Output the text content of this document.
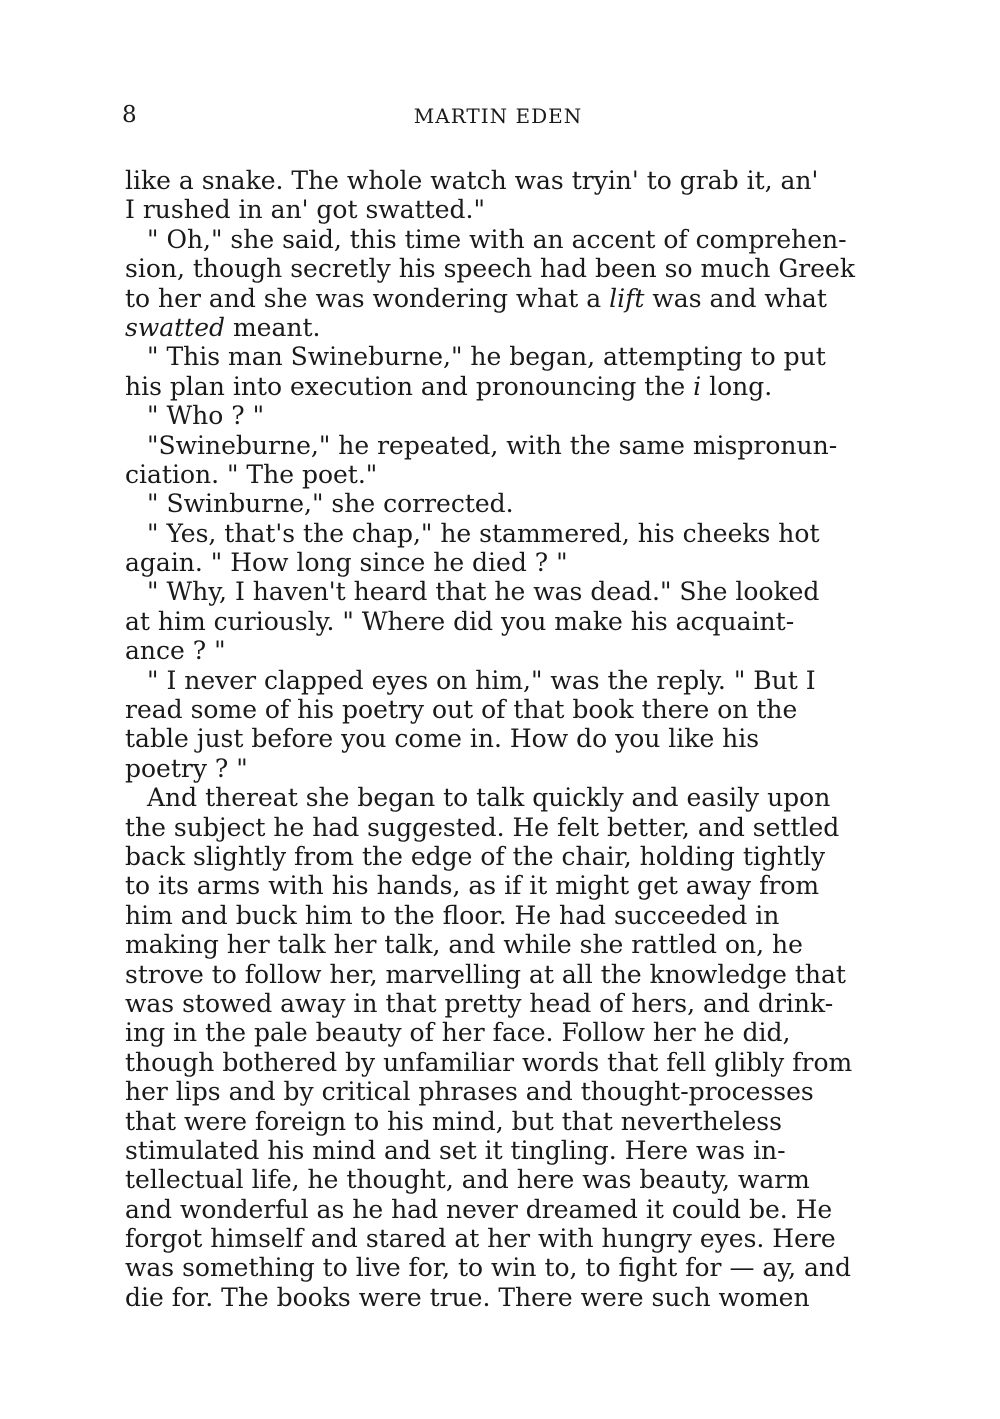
8	MARTIN EDEN
like a snake. The whole watch was tryin' to grab it, an'
I rushed in an' got swatted."
" Oh," she said, this time with an accent of comprehen-
sion, though secretly his speech had been so much Greek
to her and she was wondering what a lift was and what
swatted meant.
" This man Swineburne," he began, attempting to put
his plan into execution and pronouncing the i long.
" Who ? "
"Swineburne," he repeated, with the same mispronun-
ciation. " The poet."
" Swinburne," she corrected.
" Yes, that's the chap," he stammered, his cheeks hot
again. " How long since he died ? "
" Why, I haven't heard that he was dead." She looked
at him curiously. " Where did you make his acquaint-
ance ? "
" I never clapped eyes on him," was the reply. " But I
read some of his poetry out of that book there on the
table just before you come in. How do you like his
poetry ? "
And thereat she began to talk quickly and easily upon
the subject he had suggested. He felt better, and settled
back slightly from the edge of the chair, holding tightly
to its arms with his hands, as if it might get away from
him and buck him to the floor. He had succeeded in
making her talk her talk, and while she rattled on, he
strove to follow her, marvelling at all the knowledge that
was stowed away in that pretty head of hers, and drink-
ing in the pale beauty of her face. Follow her he did,
though bothered by unfamiliar words that fell glibly from
her lips and by critical phrases and thought-processes
that were foreign to his mind, but that nevertheless
stimulated his mind and set it tingling. Here was in-
tellectual life, he thought, and here was beauty, warm
and wonderful as he had never dreamed it could be. He
forgot himself and stared at her with hungry eyes. Here
was something to live for, to win to, to fight for — ay, and
die for. The books were true. There were such women
